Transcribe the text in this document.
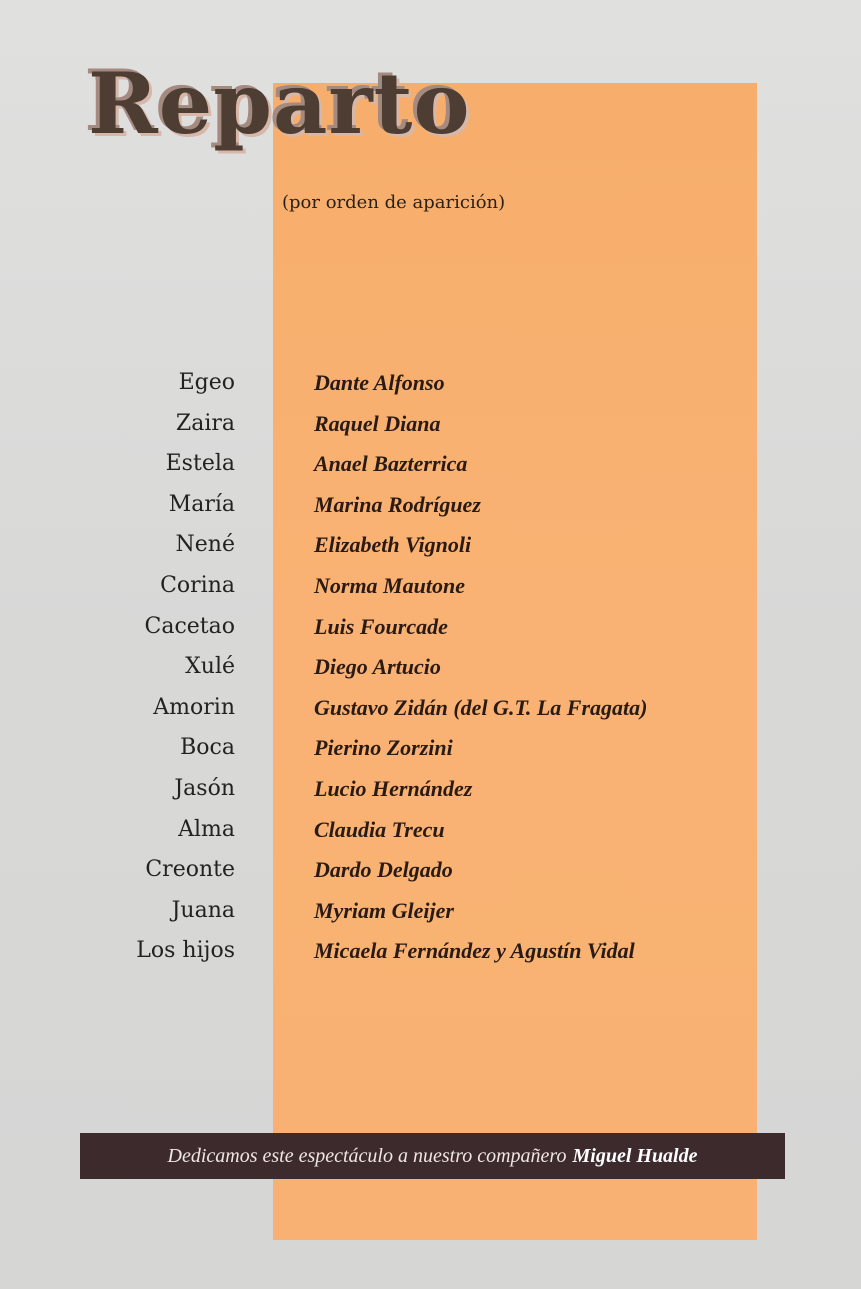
Reparto

(por orden de aparición)

Egeo	Dante Alfonso
Zaira	Raquel Diana
Estela	Anael Bazterrica
María	Marina Rodríguez
Nené	Elizabeth Vignoli
Corina	Norma Mautone
Cacetao	Luis Fourcade
Xulé	Diego Artucio
Amorin	Gustavo Zidán (del G.T. La Fragata)
Boca	Pierino Zorzini
Jasón	Lucio Hernández
Alma	Claudia Trecu
Creonte	Dardo Delgado
Juana	Myriam Gleijer
Los hijos	Micaela Fernández y Agustín Vidal
Dedicamos este espectáculo a nuestro compañero Miguel Hualde
